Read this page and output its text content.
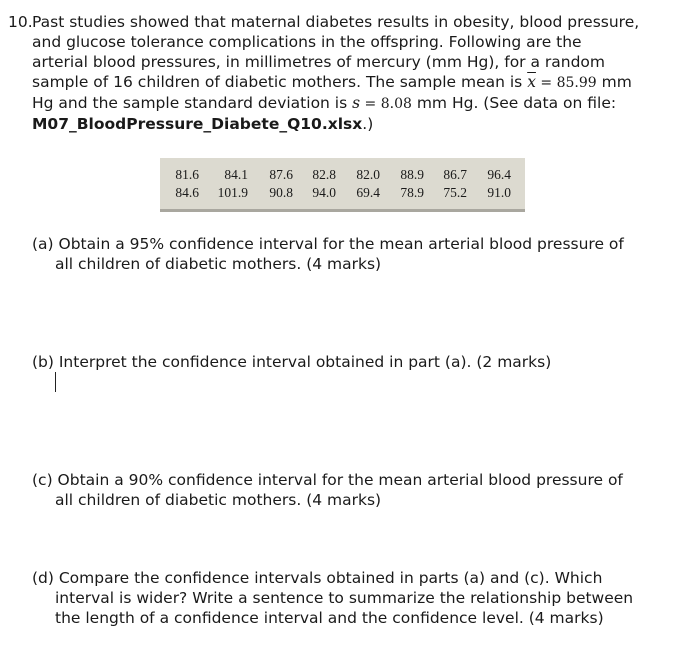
10. Past studies showed that maternal diabetes results in obesity, blood pressure,
and glucose tolerance complications in the offspring. Following are the
arterial blood pressures, in millimetres of mercury (mm Hg), for a random
sample of 16 children of diabetic mothers. The sample mean is $\overline{x} = 85.99$ mm
Hg and the sample standard deviation is s = 8.08 mm Hg. (See data on file:
M07_BloodPressure_Diabete_Q10.xlsx.)
81.6	84.1	87.6	82.8	82.0	88.9	86.7	96.4
84.6	101.9	90.8	94.0	69.4	78.9	75.2	91.0
(a) Obtain a 95% confidence interval for the mean arterial blood pressure of
all children of diabetic mothers. (4 marks)
(b) Interpret the confidence interval obtained in part (a). (2 marks)
(c) Obtain a 90% confidence interval for the mean arterial blood pressure of
all children of diabetic mothers. (4 marks)
(d) Compare the confidence intervals obtained in parts (a) and (c). Which
interval is wider? Write a sentence to summarize the relationship between
the length of a confidence interval and the confidence level. (4 marks)
